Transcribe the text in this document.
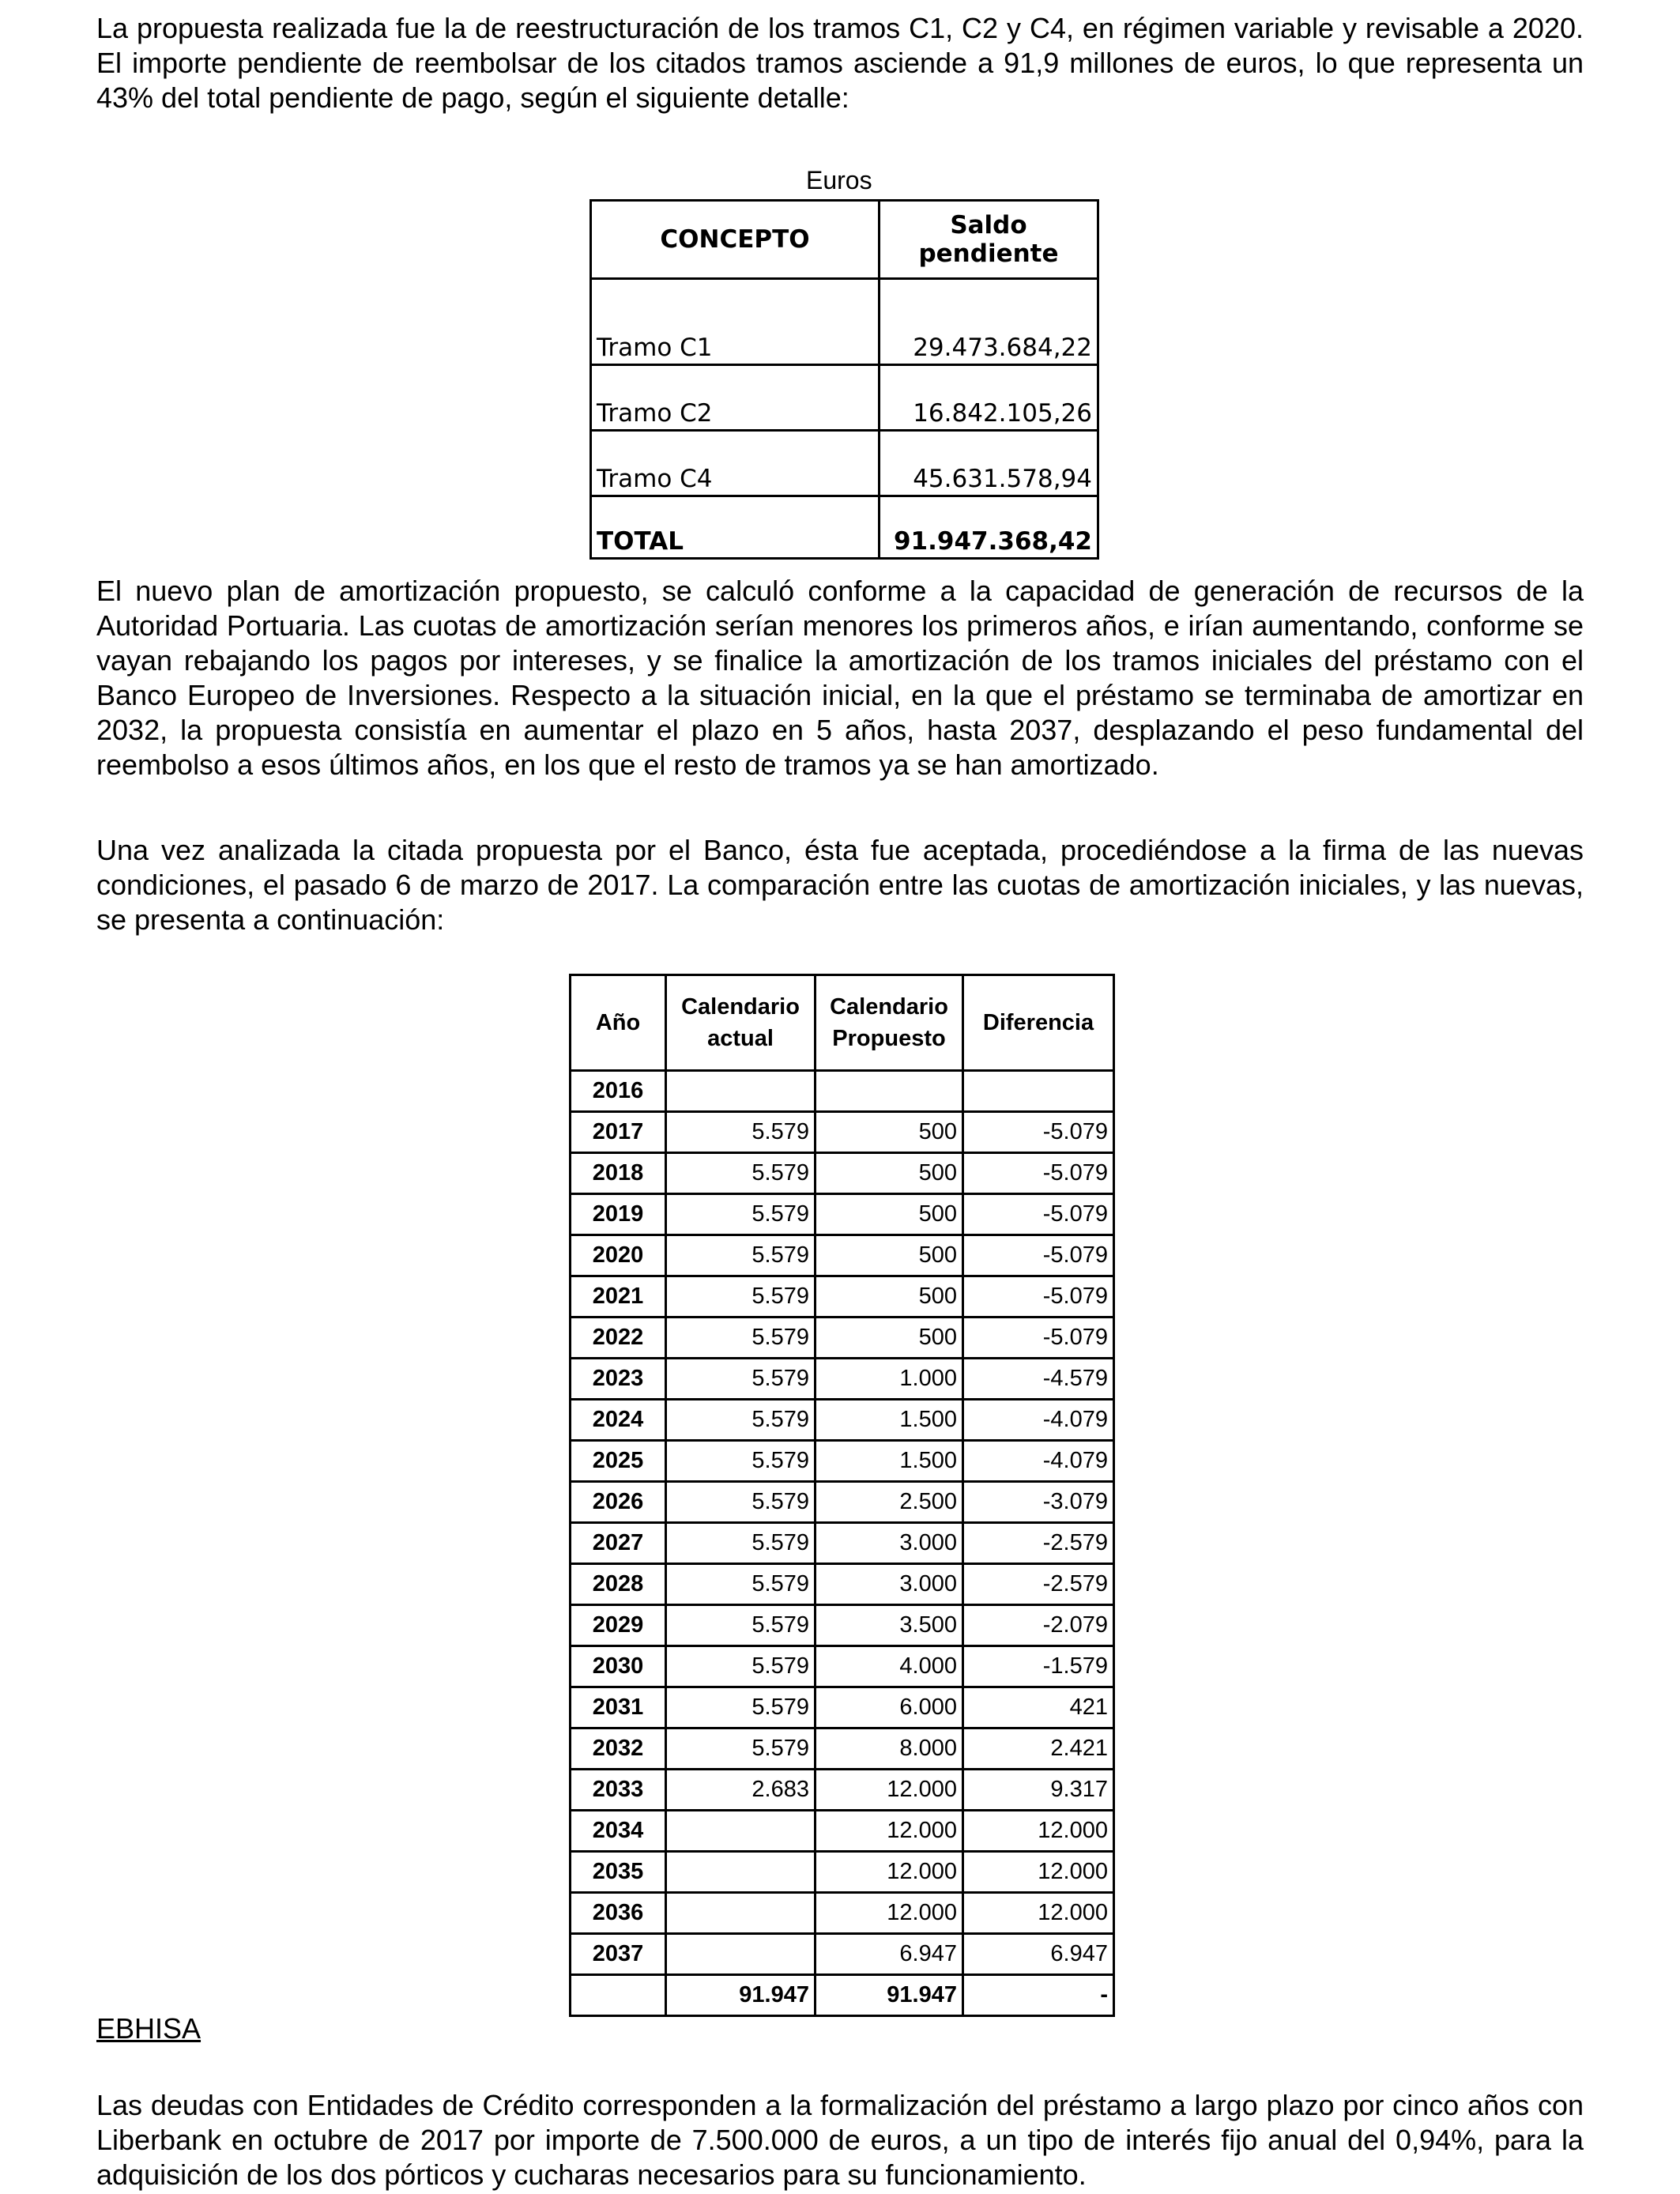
La propuesta realizada fue la de reestructuración de los tramos C1, C2 y C4, en régimen variable y revisable a 2020. El importe pendiente de reembolsar de los citados tramos asciende a 91,9 millones de euros, lo que representa un 43% del total pendiente de pago, según el siguiente detalle:

Euros
CONCEPTO	Saldo pendiente
Tramo C1	29.473.684,22
Tramo C2	16.842.105,26
Tramo C4	45.631.578,94
TOTAL	91.947.368,42

El nuevo plan de amortización propuesto, se calculó conforme a la capacidad de generación de recursos de la Autoridad Portuaria. Las cuotas de amortización serían menores los primeros años, e irían aumentando, conforme se vayan rebajando los pagos por intereses, y se finalice la amortización de los tramos iniciales del préstamo con el Banco Europeo de Inversiones. Respecto a la situación inicial, en la que el préstamo se terminaba de amortizar en 2032, la propuesta consistía en aumentar el plazo en 5 años, hasta 2037, desplazando el peso fundamental del reembolso a esos últimos años, en los que el resto de tramos ya se han amortizado.

Una vez analizada la citada propuesta por el Banco, ésta fue aceptada, procediéndose a la firma de las nuevas condiciones, el pasado 6 de marzo de 2017. La comparación entre las cuotas de amortización iniciales, y las nuevas, se presenta a continuación:

Año	Calendario actual	Calendario Propuesto	Diferencia
2016			
2017	5.579	500	-5.079
2018	5.579	500	-5.079
2019	5.579	500	-5.079
2020	5.579	500	-5.079
2021	5.579	500	-5.079
2022	5.579	500	-5.079
2023	5.579	1.000	-4.579
2024	5.579	1.500	-4.079
2025	5.579	1.500	-4.079
2026	5.579	2.500	-3.079
2027	5.579	3.000	-2.579
2028	5.579	3.000	-2.579
2029	5.579	3.500	-2.079
2030	5.579	4.000	-1.579
2031	5.579	6.000	421
2032	5.579	8.000	2.421
2033	2.683	12.000	9.317
2034		12.000	12.000
2035		12.000	12.000
2036		12.000	12.000
2037		6.947	6.947
	91.947	91.947	-
EBHISA

Las deudas con Entidades de Crédito corresponden a la formalización del préstamo a largo plazo por cinco años con Liberbank en octubre de 2017 por importe de 7.500.000 de euros, a un tipo de interés fijo anual del 0,94%, para la adquisición de los dos pórticos y cucharas necesarios para su funcionamiento.
